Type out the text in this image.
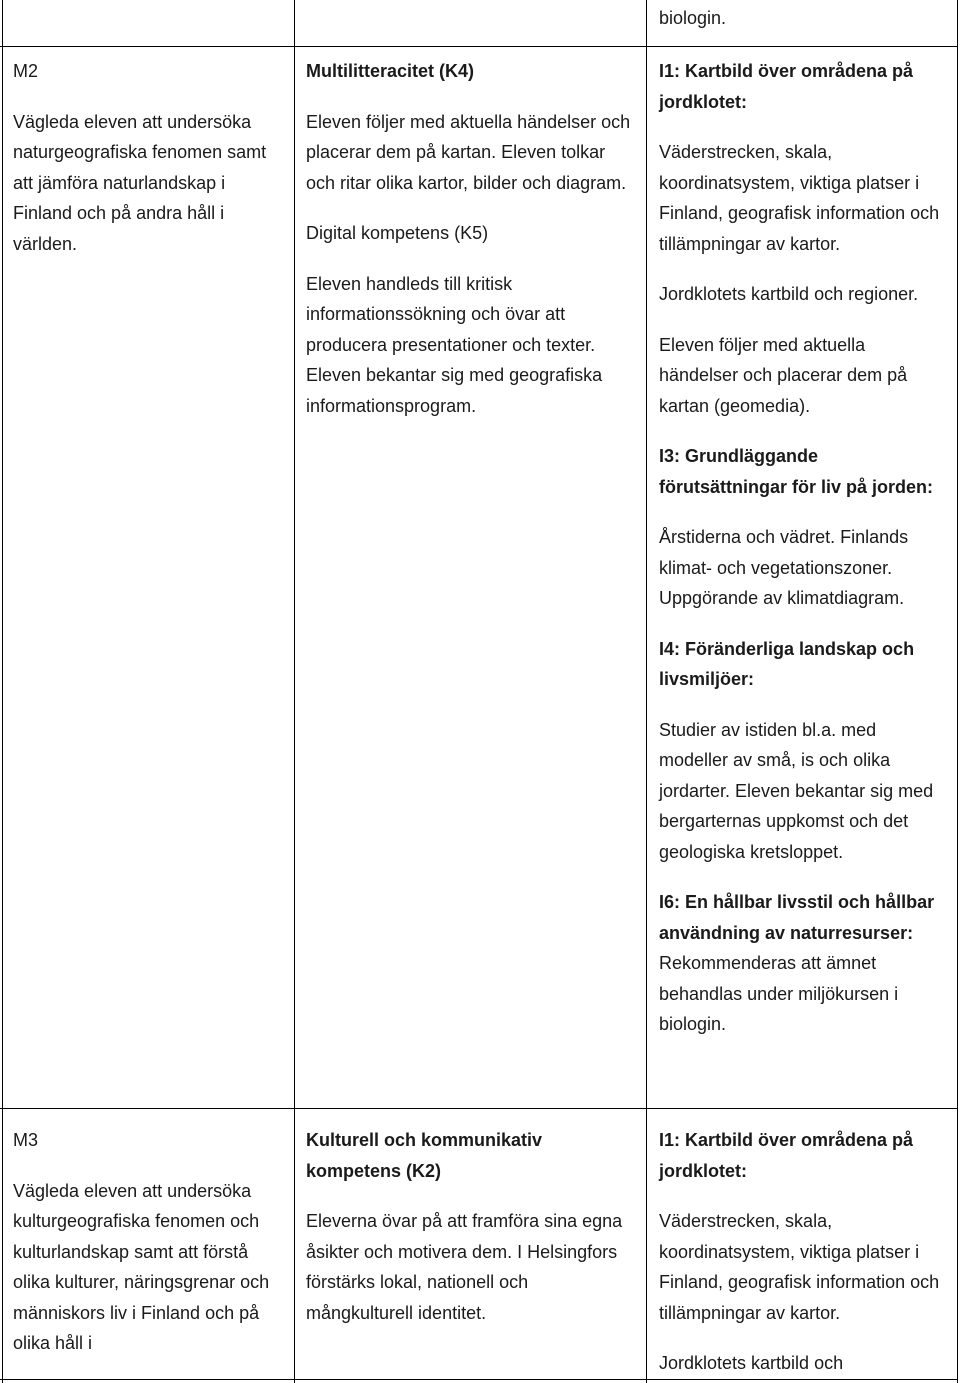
biologin.

M2

Vägleda eleven att undersöka naturgeografiska fenomen samt att jämföra naturlandskap i Finland och på andra håll i världen.

Multilitteracitet (K4)

Eleven följer med aktuella händelser och placerar dem på kartan. Eleven tolkar och ritar olika kartor, bilder och diagram.

Digital kompetens (K5)

Eleven handleds till kritisk informationssökning och övar att producera presentationer och texter. Eleven bekantar sig med geografiska informationsprogram.

I1: Kartbild över områdena på jordklotet:

Väderstrecken, skala, koordinatsystem, viktiga platser i Finland, geografisk information och tillämpningar av kartor.

Jordklotets kartbild och regioner.

Eleven följer med aktuella händelser och placerar dem på kartan (geomedia).

I3: Grundläggande förutsättningar för liv på jorden:

Årstiderna och vädret. Finlands klimat- och vegetationszoner. Uppgörande av klimatdiagram.

I4: Föränderliga landskap och livsmiljöer:

Studier av istiden bl.a. med modeller av små, is och olika jordarter. Eleven bekantar sig med bergarternas uppkomst och det geologiska kretsloppet.

I6: En hållbar livsstil och hållbar användning av naturresurser:

Rekommenderas att ämnet behandlas under miljökursen i biologin.

M3

Vägleda eleven att undersöka kulturgeografiska fenomen och kulturlandskap samt att förstå olika kulturer, näringsgrenar och människors liv i Finland och på olika håll i

Kulturell och kommunikativ kompetens (K2)

Eleverna övar på att framföra sina egna åsikter och motivera dem. I Helsingfors förstärks lokal, nationell och mångkulturell identitet.

I1: Kartbild över områdena på jordklotet:

Väderstrecken, skala, koordinatsystem, viktiga platser i Finland, geografisk information och tillämpningar av kartor.

Jordklotets kartbild och
